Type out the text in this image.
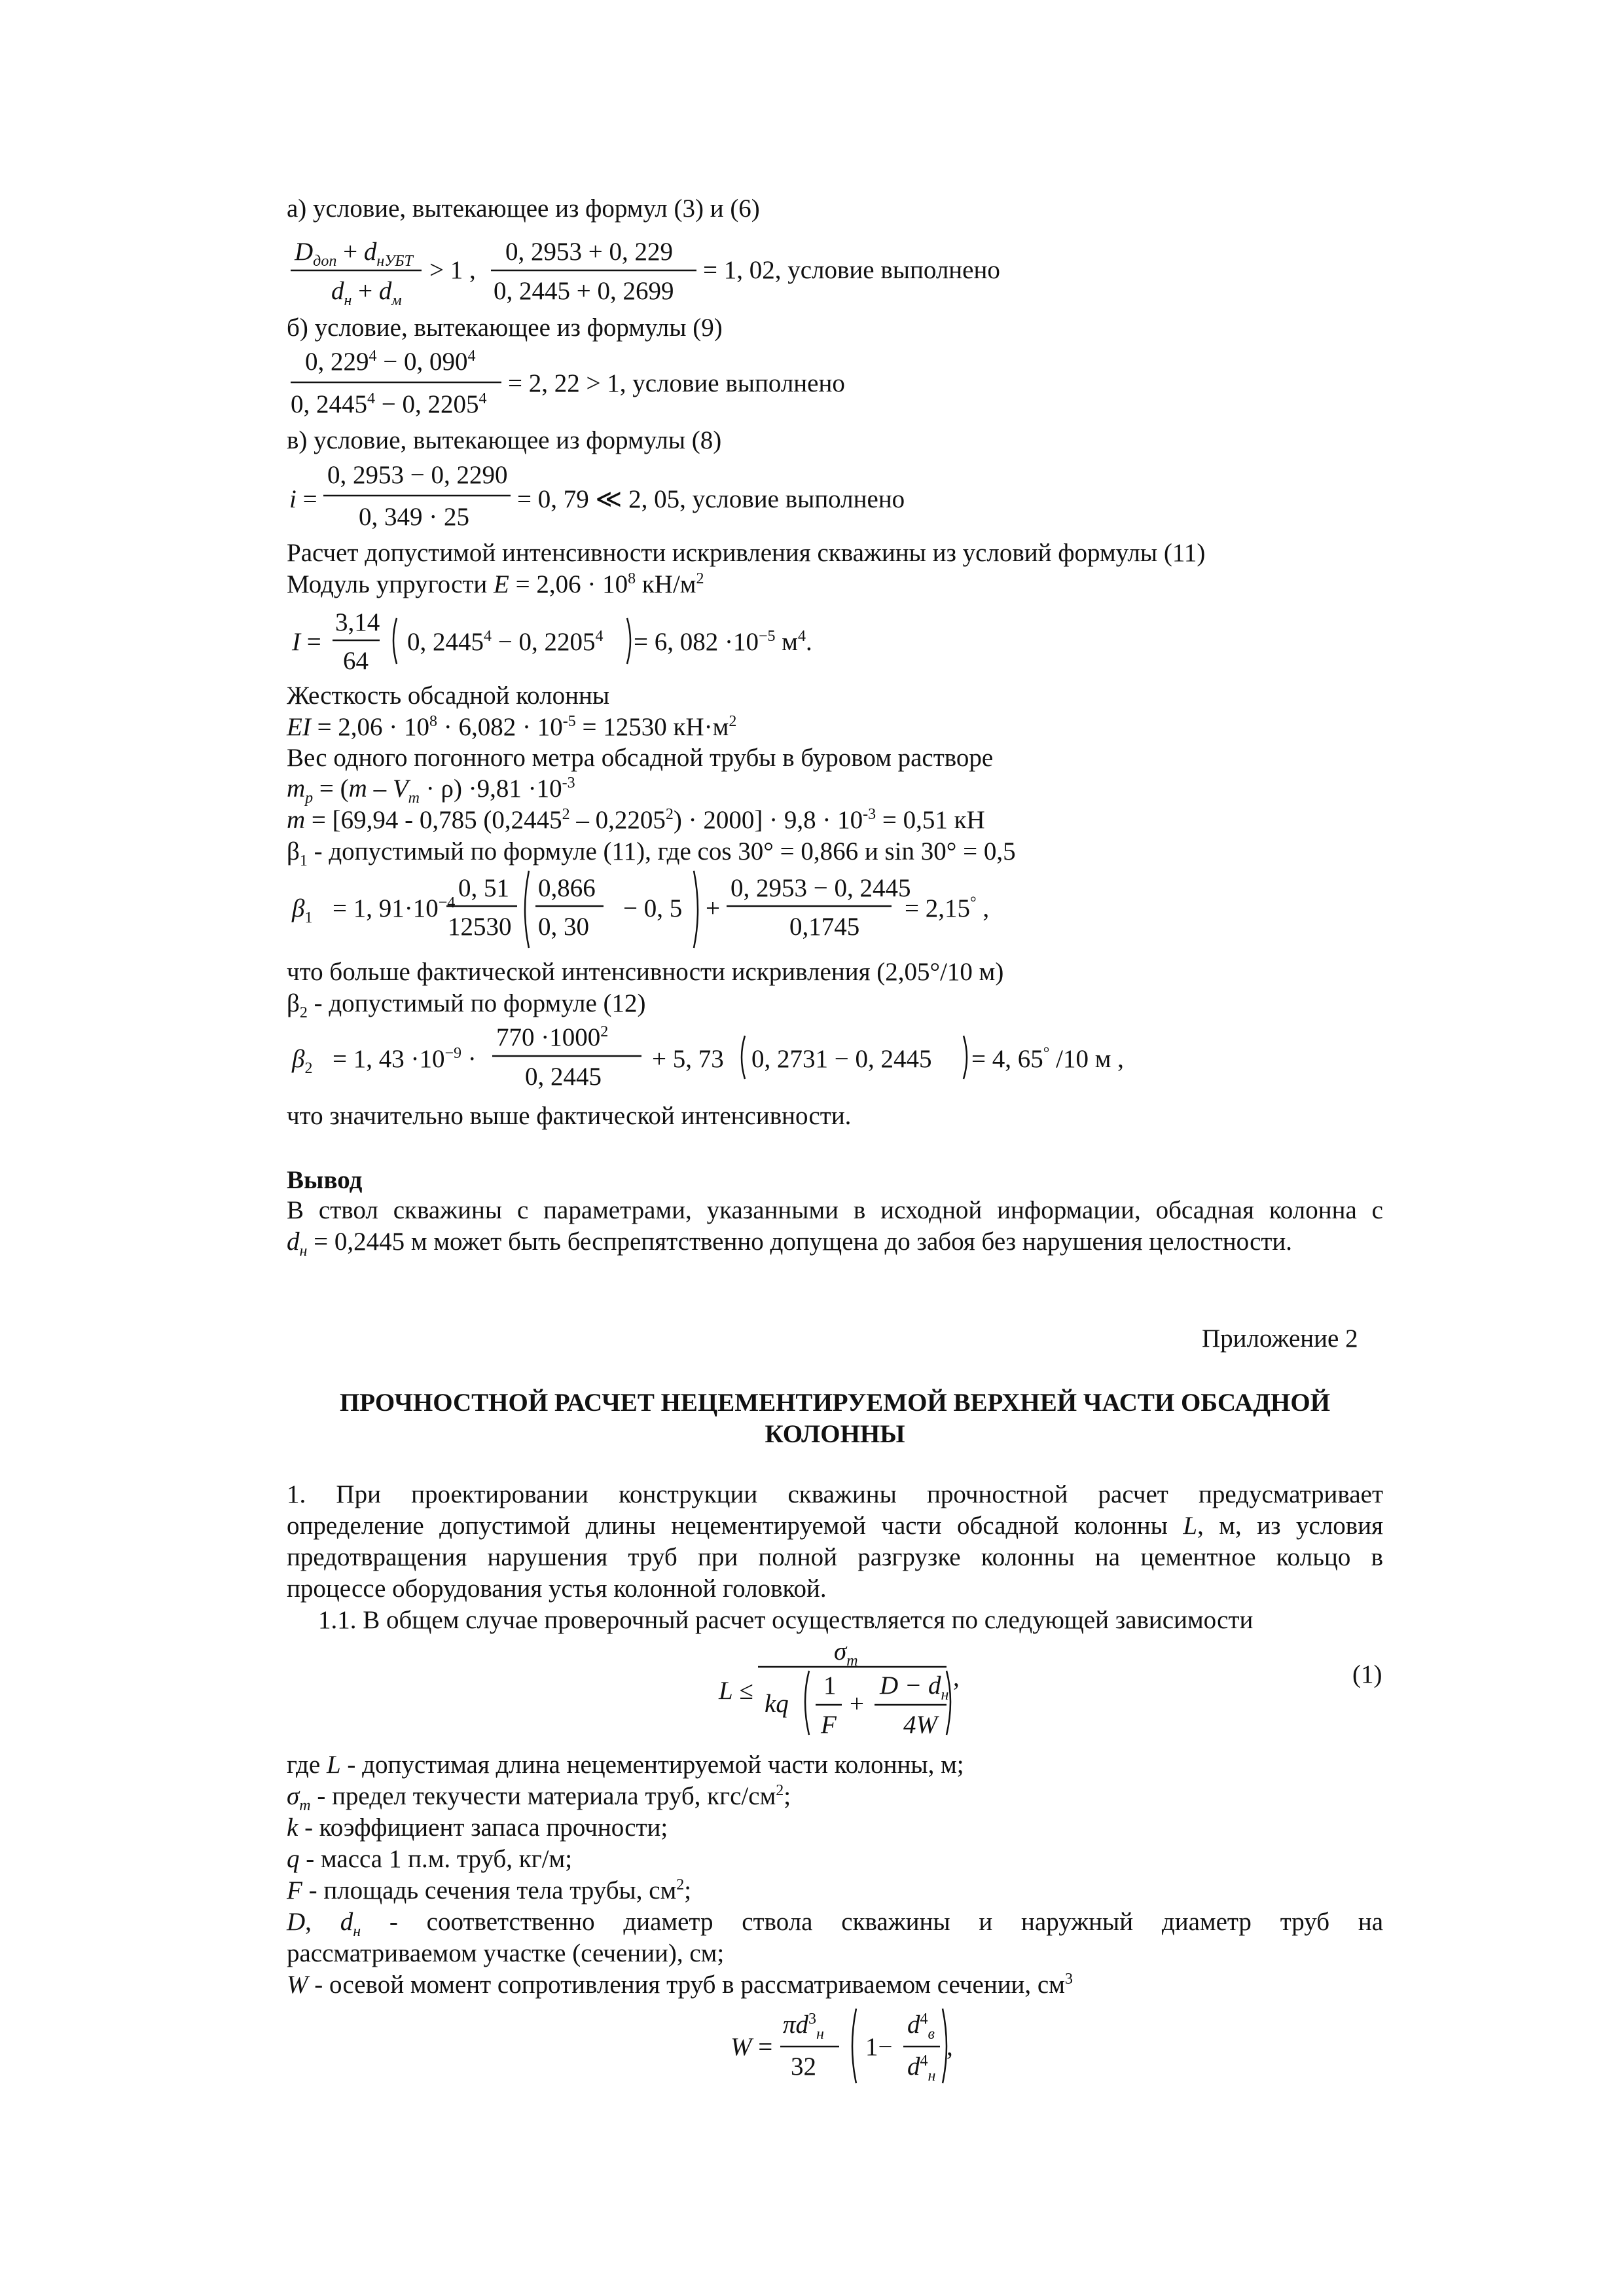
а) условие, вытекающее из формул (3) и (6)
$D_{доп} + d_{нУБТ}$
$d_н + d_м$
> 1 ,
0, 2953 + 0, 229
0, 2445 + 0, 2699
= 1, 02, условие выполнено
б) условие, вытекающее из формулы (9)
0, $229^4 - 0$, $090^4$
0, $2445^4 - 0$, $2205^4$
= 2, 22 > 1, условие выполнено
в) условие, вытекающее из формулы (8)
i =
0, 2953 − 0, 2290
0, 349 · 25
= 0, 79 ≪ 2, 05, условие выполнено
Расчет допустимой интенсивности искривления скважины из условий формулы (11)
Модуль упругости $E = 2,06 \cdot 10^8$ $кН/м^2$
I =
3,14
64
0, $2445^4 - 0$, $2205^4 = 6$, $082 \cdot 10^{-5}$ $м^4$.
Жесткость обсадной колонны
EI = $2,06 \cdot 10^8 \cdot 6,082 \cdot 10^{-5} = 12530$ $кН\cdot м^2$
Вес одного погонного метра обсадной трубы в буровом растворе
$m_p = (m - V_m \cdot \rho) \cdot 9,81 \cdot 10^{-3}$
m = [69,94 - 0,785 $(0,2445^2 - 0,2205^2) \cdot 2000] \cdot 9,8 \cdot 10^{-3} = 0,51$ кН
$\beta_1$ - допустимый по формуле (11), где cos 30° = 0,866 и sin 30° = 0,5
$\beta_1 = 1$, $91\cdot 10^{-4}$
0, 51
12530
0,866
0, 30
− 0, 5 +
0, 2953 − 0, 2445
0,1745
= 2,15° ,
что больше фактической интенсивности искривления (2,05°/10 м)
$\beta_2$ - допустимый по формуле (12)
$\beta_2 = 1$, $43 \cdot 10^{-9}$ ·
$770 \cdot 1000^2$
0, 2445
+ 5, 73 0, 2731 − 0, 2445 = 4, 65° /10 м ,
что значительно выше фактической интенсивности.
Вывод
В ствол скважины с параметрами, указанными в исходной информации, обсадная колонна с
$d_н = 0,2445$ м может быть беспрепятственно допущена до забоя без нарушения целостности.
Приложение 2
ПРОЧНОСТНОЙ РАСЧЕТ НЕЦЕМЕНТИРУЕМОЙ ВЕРХНЕЙ ЧАСТИ ОБСАДНОЙ
КОЛОННЫ
1. При проектировании конструкции скважины прочностной расчет предусматривает
определение допустимой длины нецементируемой части обсадной колонны L, м, из условия
предотвращения нарушения труб при полной разгрузке колонны на цементное кольцо в
процессе оборудования устья колонной головкой.
1.1. В общем случае проверочный расчет осуществляется по следующей зависимости
L ≤
$\sigma_т$
kq
1
F
+
$D - d_н$
4W
,	(1)
где L - допустимая длина нецементируемой части колонны, м;
$\sigma_т$ - предел текучести материала труб, кгс/$см^2$;
k - коэффициент запаса прочности;
q - масса 1 п.м. труб, кг/м;
F - площадь сечения тела трубы, $см^2$;
D, $d_н$ - соответственно диаметр ствола скважины и наружный диаметр труб на
рассматриваемом участке (сечении), см;
W - осевой момент сопротивления труб в рассматриваемом сечении, $см^3$
W =
$\pi d^3_н$
32
1−
$d^4_в$
$d^4_н$
,
